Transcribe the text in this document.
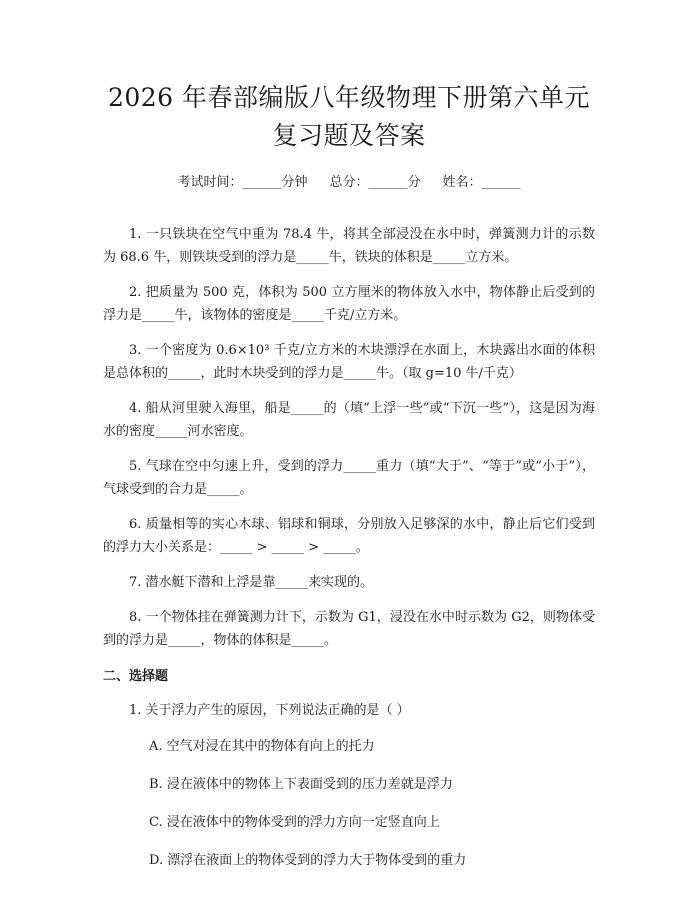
2026 年春部编版八年级物理下册第六单元复习题及答案
考试时间：______分钟 总分：______分 姓名：______

1. 一只铁块在空气中重为 78.4 牛，将其全部浸没在水中时，弹簧测力计的示数为 68.6 牛，则铁块受到的浮力是_____牛，铁块的体积是_____立方米。

2. 把质量为 500 克，体积为 500 立方厘米的物体放入水中，物体静止后受到的浮力是_____牛，该物体的密度是_____千克/立方米。

3. 一个密度为 0.6×10³ 千克/立方米的木块漂浮在水面上，木块露出水面的体积是总体积的_____，此时木块受到的浮力是_____牛。（取 g=10 牛/千克）

4. 船从河里驶入海里，船是_____的（填“上浮一些”或“下沉一些”），这是因为海水的密度_____河水密度。

5. 气球在空中匀速上升，受到的浮力_____重力（填“大于”、“等于”或“小于”），气球受到的合力是_____。

6. 质量相等的实心木球、铝球和铜球，分别放入足够深的水中，静止后它们受到的浮力大小关系是：_____ > _____ > _____。

7. 潜水艇下潜和上浮是靠_____来实现的。

8. 一个物体挂在弹簧测力计下，示数为 G1，浸没在水中时示数为 G2，则物体受到的浮力是_____，物体的体积是_____。

二、选择题
1. 关于浮力产生的原因，下列说法正确的是（ ）
A. 空气对浸在其中的物体有向上的托力
B. 浸在液体中的物体上下表面受到的压力差就是浮力
C. 浸在液体中的物体受到的浮力方向一定竖直向上
D. 漂浮在液面上的物体受到的浮力大于物体受到的重力
